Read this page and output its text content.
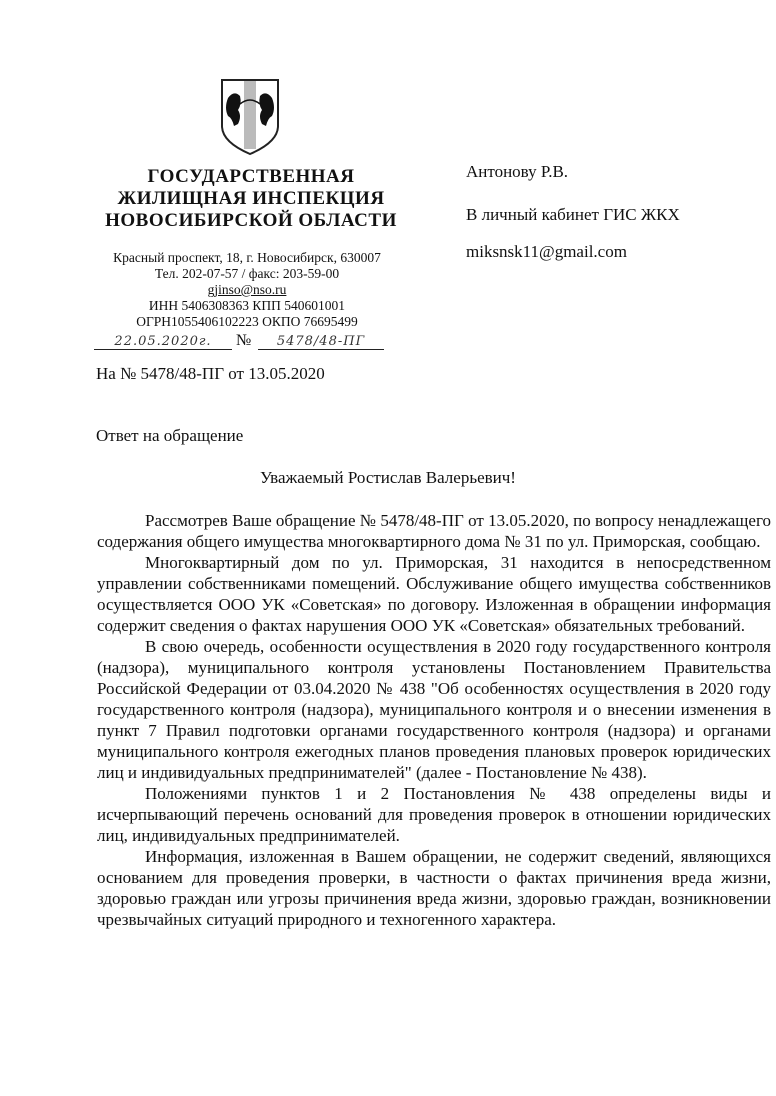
ГОСУДАРСТВЕННАЯ
ЖИЛИЩНАЯ ИНСПЕКЦИЯ
НОВОСИБИРСКОЙ ОБЛАСТИ
Красный проспект, 18, г. Новосибирск, 630007
Тел. 202-07-57 / факс: 203-59-00
gjinso@nso.ru
ИНН 5406308363 КПП 540601001
ОГРН1055406102223 ОКПО 76695499
22.05.2020г.	№	5478/48-ПГ
На № 5478/48-ПГ от 13.05.2020
Антонову Р.В.
В личный кабинет ГИС ЖКХ
miksnsk11@gmail.com
Ответ на обращение
Уважаемый Ростислав Валерьевич!

Рассмотрев Ваше обращение № 5478/48-ПГ от 13.05.2020, по вопросу ненадлежащего содержания общего имущества многоквартирного дома № 31 по ул. Приморская, сообщаю.

Многоквартирный дом по ул. Приморская, 31 находится в непосредственном управлении собственниками помещений. Обслуживание общего имущества собственников осуществляется ООО УК «Советская» по договору. Изложенная в обращении информация содержит сведения о фактах нарушения ООО УК «Советская» обязательных требований.

В свою очередь, особенности осуществления в 2020 году государственного контроля (надзора), муниципального контроля установлены Постановлением Правительства Российской Федерации от 03.04.2020 № 438 "Об особенностях осуществления в 2020 году государственного контроля (надзора), муниципального контроля и о внесении изменения в пункт 7 Правил подготовки органами государственного контроля (надзора) и органами муниципального контроля ежегодных планов проведения плановых проверок юридических лиц и индивидуальных предпринимателей" (далее - Постановление № 438).

Положениями пунктов 1 и 2 Постановления № 438 определены виды и исчерпывающий перечень оснований для проведения проверок в отношении юридических лиц, индивидуальных предпринимателей.

Информация, изложенная в Вашем обращении, не содержит сведений, являющихся основанием для проведения проверки, в частности о фактах причинения вреда жизни, здоровью граждан или угрозы причинения вреда жизни, здоровью граждан, возникновении чрезвычайных ситуаций природного и техногенного характера.
